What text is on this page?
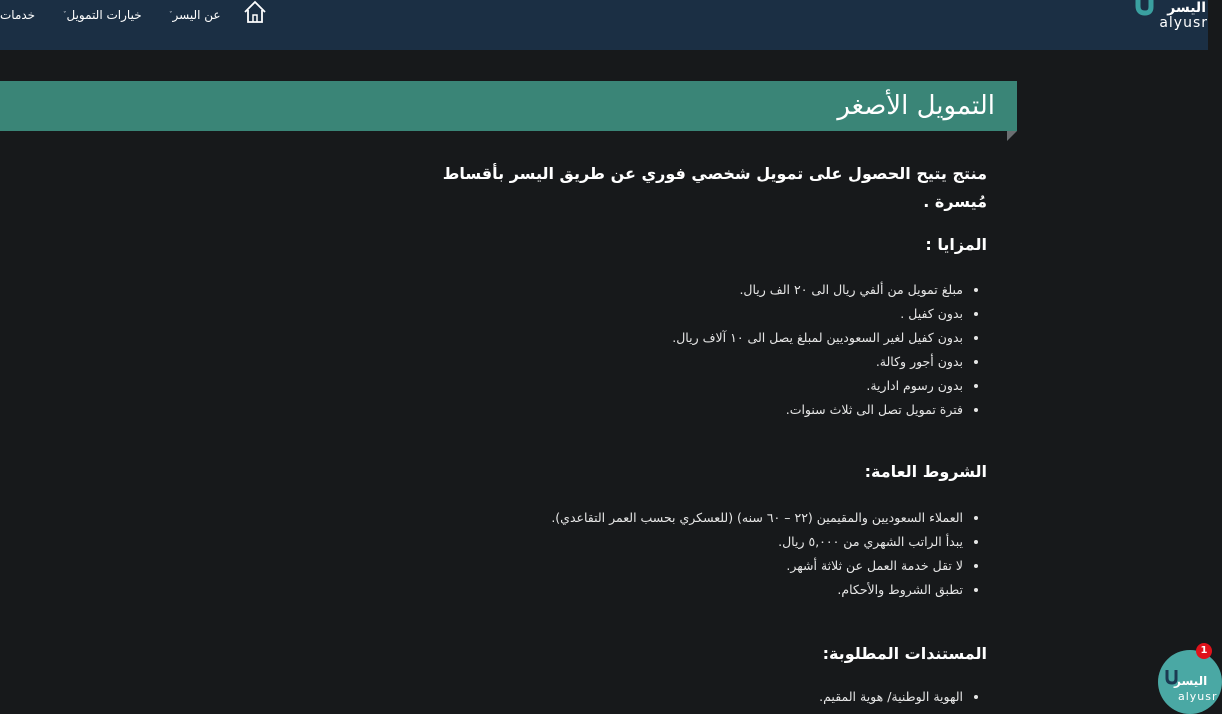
خدمات	$^ˇ$خيارات التمويل	$^ˇ$عن اليسر	اليسر
alyusr
التمويل الأصغر

منتج يتيح الحصول على تمويل شخصي فوري عن طريق اليسر بأقساط مُيسرة .

المزايا :
• مبلغ تمويل من ألفي ريال الى ٢٠ الف ريال.
• بدون كفيل .
• بدون كفيل لغير السعوديين لمبلغ يصل الى ١٠ آلاف ريال.
• بدون أجور وكالة.
• بدون رسوم ادارية.
• فترة تمويل تصل الى ثلاث سنوات.
الشروط العامة:
• العملاء السعوديين والمقيمين (٢٢ – ٦٠ سنه) (للعسكري بحسب العمر التقاعدي).
• يبدأ الراتب الشهري من ٥,٠٠٠ ريال.
• لا تقل خدمة العمل عن ثلاثة أشهر.
• تطبق الشروط والأحكام.
المستندات المطلوبة:
• الهوية الوطنية/ هوية المقيم.
اليسر
alyusr
1
